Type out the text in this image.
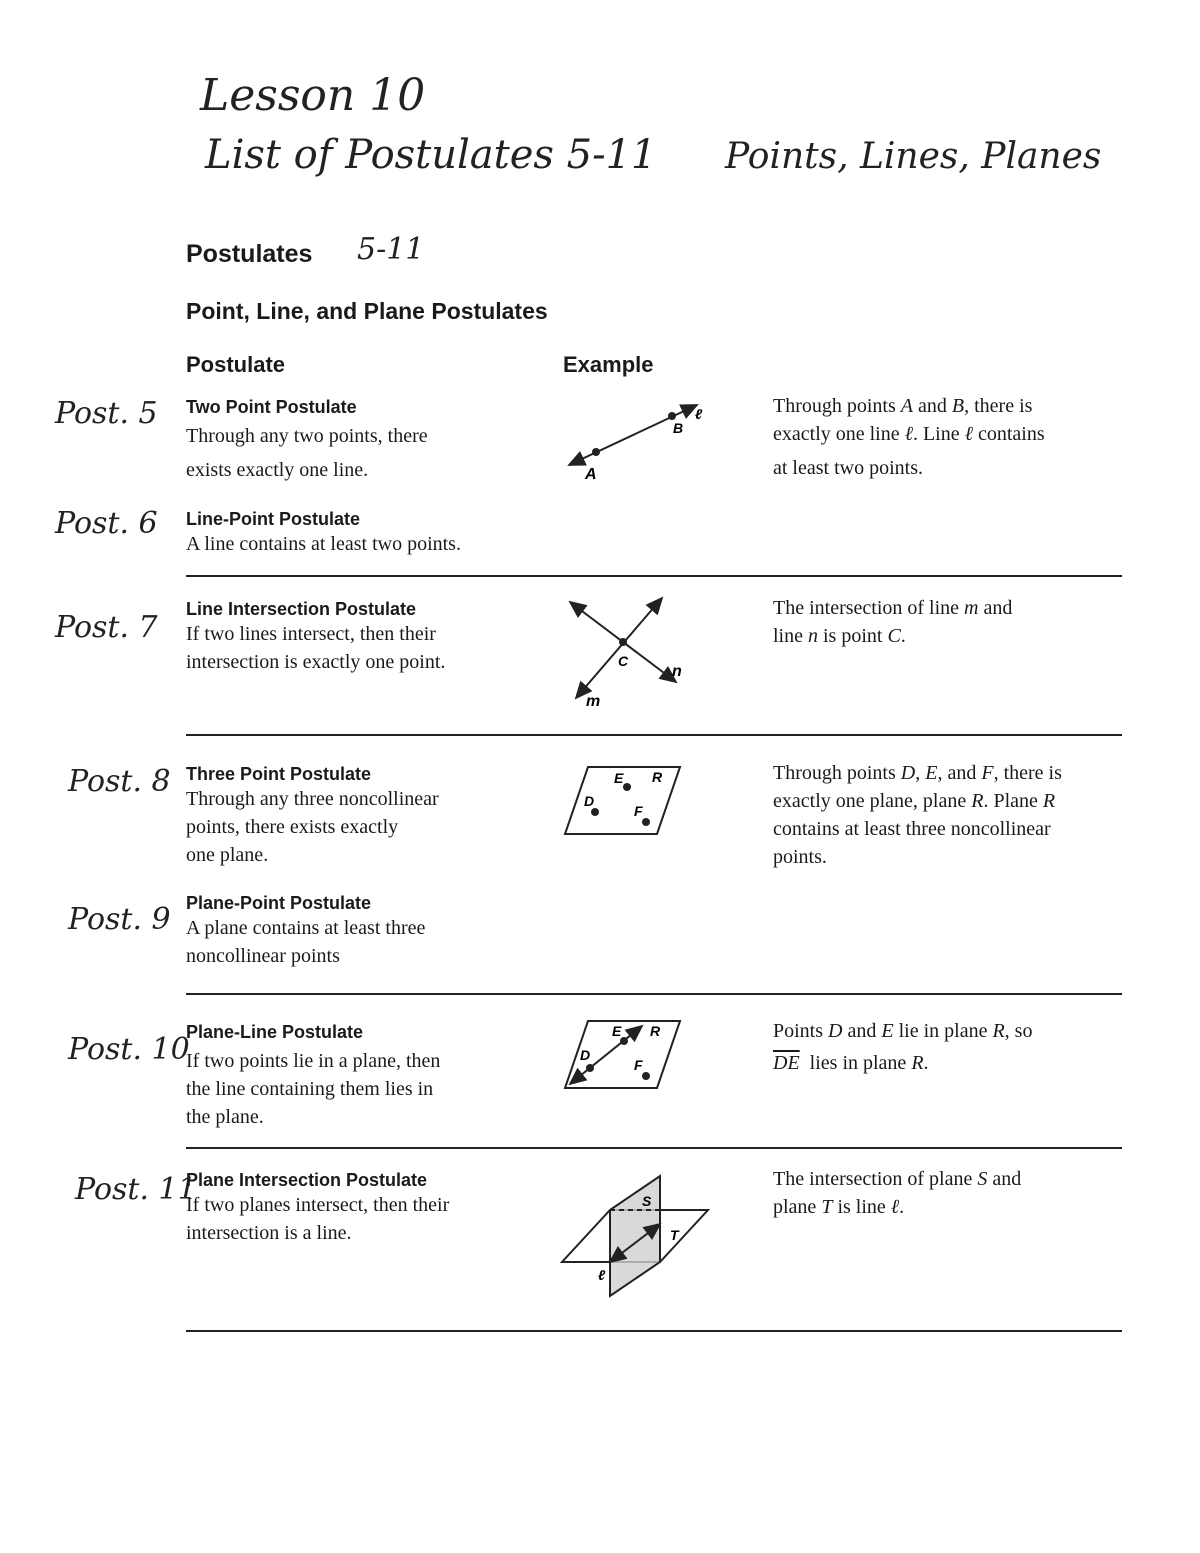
Lesson 10
List of Postulates 5-11 Points, Lines, Planes
Postulates 5-11
Point, Line, and Plane Postulates
Postulate	Example
Post. 5 Two Point Postulate
Through any two points, there
exists exactly one line.
Through points A and B, there is
exactly one line ℓ. Line ℓ contains
at least two points.
Post. 6 Line-Point Postulate
A line contains at least two points.
Post. 7
Line Intersection Postulate
If two lines intersect, then their
intersection is exactly one point.
The intersection of line m and
line n is point C.
Post. 8 Three Point Postulate
Through any three noncollinear
points, there exists exactly
one plane.
Through points D, E, and F, there is
exactly one plane, plane R. Plane R
contains at least three noncollinear
points.
Post. 9 Plane-Point Postulate
A plane contains at least three
noncollinear points
Post. 10
Plane-Line Postulate
If two points lie in a plane, then
the line containing them lies in
the plane.
Points D and E lie in plane R, so
$\overline{DE}$  lies in plane R.
Post. 11
Plane Intersection Postulate
If two planes intersect, then their
intersection is a line.
The intersection of plane S and
plane T is line ℓ.
A
B
ℓ
C
m
n
D
E
F
R
D
E
F
R
S
T
ℓ
